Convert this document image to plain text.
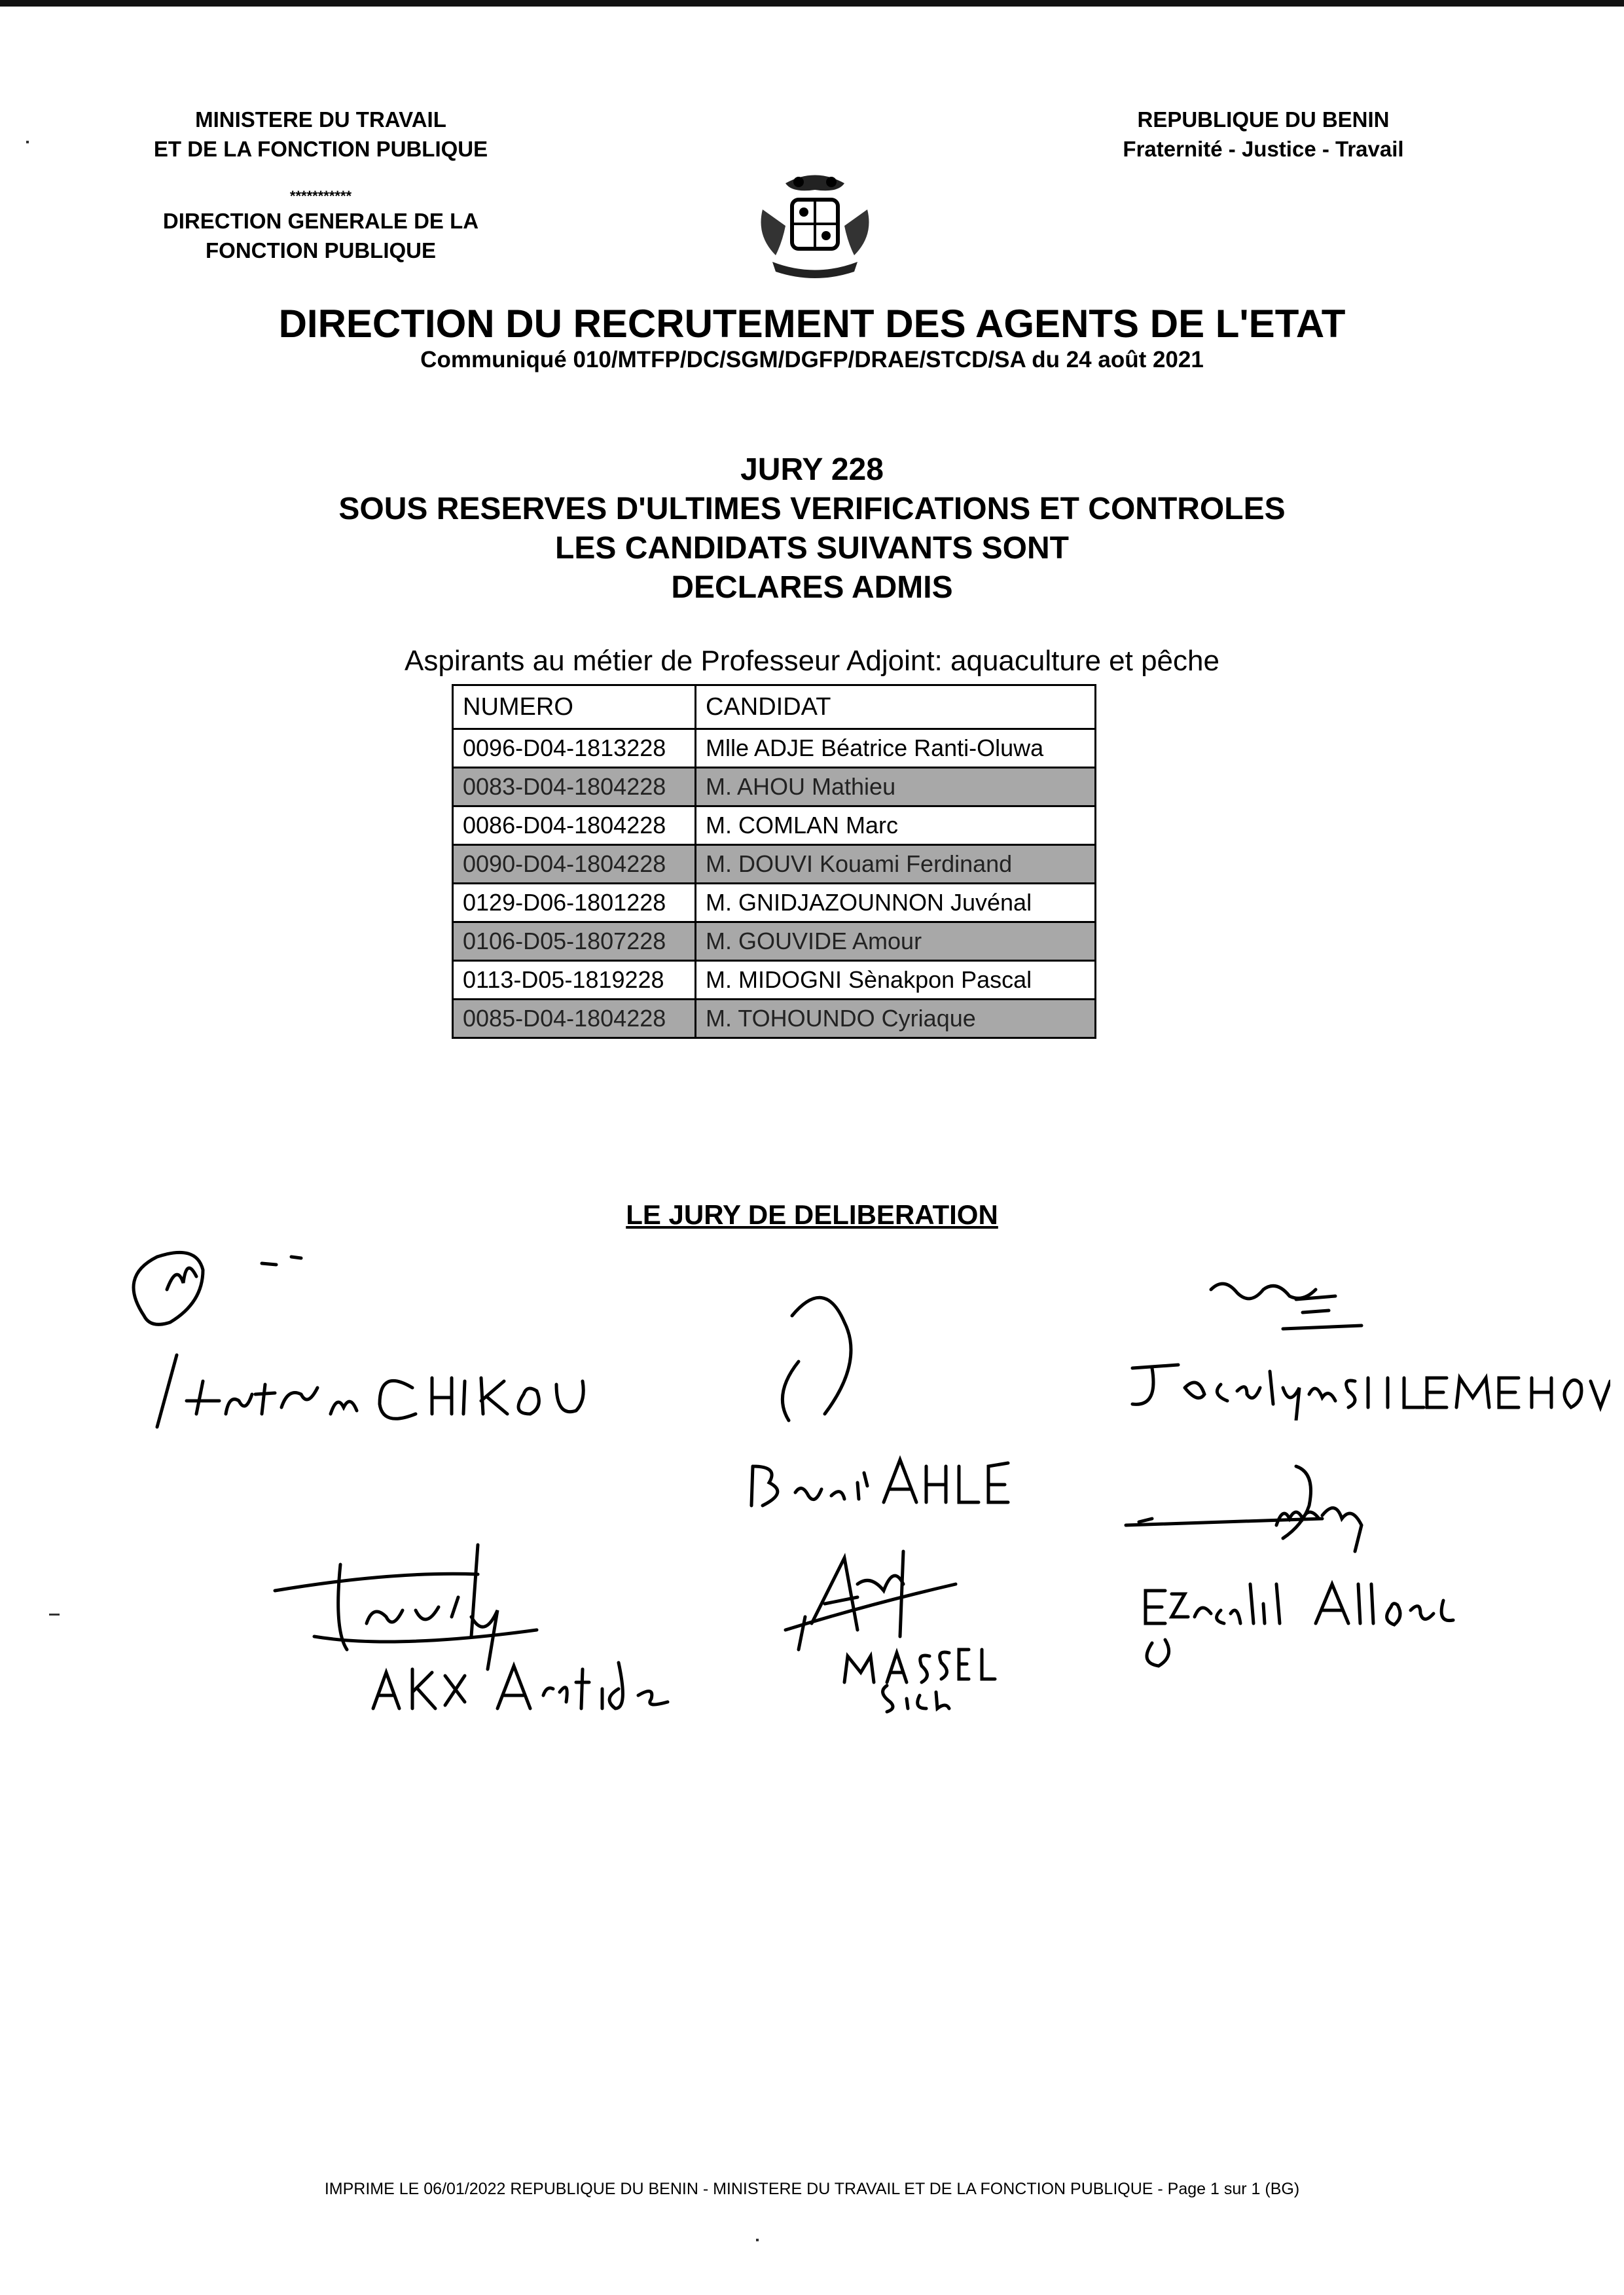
MINISTERE DU TRAVAIL
ET DE LA FONCTION PUBLIQUE
***********
DIRECTION GENERALE DE LA
FONCTION PUBLIQUE
REPUBLIQUE DU BENIN
Fraternité - Justice - Travail
DIRECTION DU RECRUTEMENT DES AGENTS DE L'ETAT
Communiqué 010/MTFP/DC/SGM/DGFP/DRAE/STCD/SA du 24 août 2021
JURY 228
SOUS RESERVES D'ULTIMES VERIFICATIONS ET CONTROLES
LES CANDIDATS SUIVANTS SONT
DECLARES ADMIS
Aspirants au métier de Professeur Adjoint: aquaculture et pêche
NUMERO	CANDIDAT
0096-D04-1813228	Mlle ADJE Béatrice Ranti-Oluwa
0083-D04-1804228	M. AHOU Mathieu
0086-D04-1804228	M. COMLAN Marc
0090-D04-1804228	M. DOUVI Kouami Ferdinand
0129-D06-1801228	M. GNIDJAZOUNNON Juvénal
0106-D05-1807228	M. GOUVIDE Amour
0113-D05-1819228	M. MIDOGNI Sènakpon Pascal
0085-D04-1804228	M. TOHOUNDO Cyriaque
LE JURY DE DELIBERATION
IMPRIME LE 06/01/2022 REPUBLIQUE DU BENIN - MINISTERE DU TRAVAIL ET DE LA FONCTION PUBLIQUE - Page 1 sur 1 (BG)
